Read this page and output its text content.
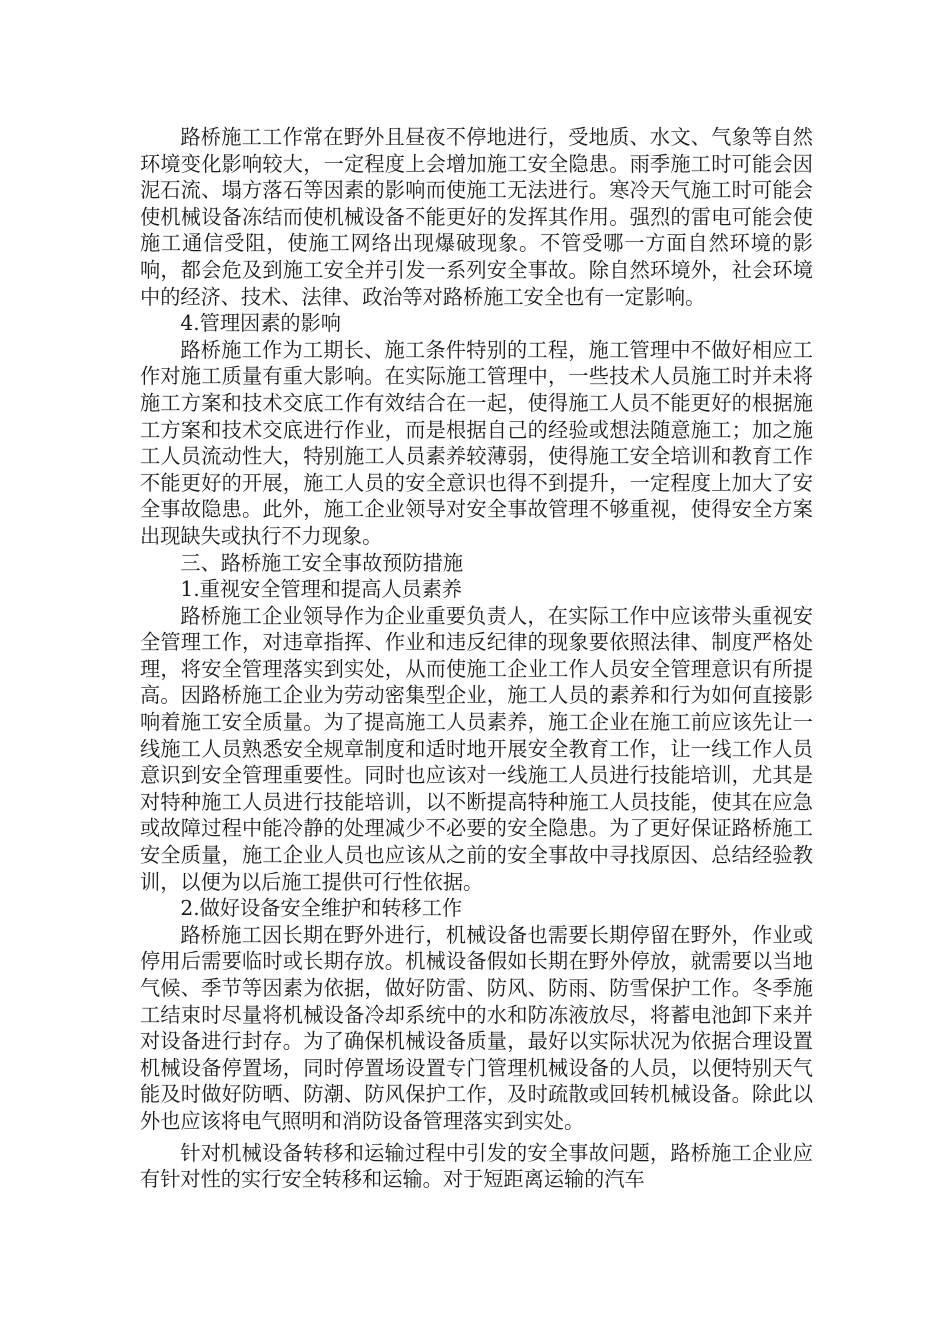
路桥施工工作常在野外且昼夜不停地进行，受地质、水文、气象等自然环境变化影响较大，一定程度上会增加施工安全隐患。雨季施工时可能会因泥石流、塌方落石等因素的影响而使施工无法进行。寒冷天气施工时可能会使机械设备冻结而使机械设备不能更好的发挥其作用。强烈的雷电可能会使施工通信受阻，使施工网络出现爆破现象。不管受哪一方面自然环境的影响，都会危及到施工安全并引发一系列安全事故。除自然环境外，社会环境中的经济、技术、法律、政治等对路桥施工安全也有一定影响。

4.管理因素的影响

路桥施工作为工期长、施工条件特别的工程，施工管理中不做好相应工作对施工质量有重大影响。在实际施工管理中，一些技术人员施工时并未将施工方案和技术交底工作有效结合在一起，使得施工人员不能更好的根据施工方案和技术交底进行作业，而是根据自己的经验或想法随意施工；加之施工人员流动性大，特别施工人员素养较薄弱，使得施工安全培训和教育工作不能更好的开展，施工人员的安全意识也得不到提升，一定程度上加大了安全事故隐患。此外，施工企业领导对安全事故管理不够重视，使得安全方案出现缺失或执行不力现象。

三、路桥施工安全事故预防措施

1.重视安全管理和提高人员素养

路桥施工企业领导作为企业重要负责人，在实际工作中应该带头重视安全管理工作，对违章指挥、作业和违反纪律的现象要依照法律、制度严格处理，将安全管理落实到实处，从而使施工企业工作人员安全管理意识有所提高。因路桥施工企业为劳动密集型企业，施工人员的素养和行为如何直接影响着施工安全质量。为了提高施工人员素养，施工企业在施工前应该先让一线施工人员熟悉安全规章制度和适时地开展安全教育工作，让一线工作人员意识到安全管理重要性。同时也应该对一线施工人员进行技能培训，尤其是对特种施工人员进行技能培训，以不断提高特种施工人员技能，使其在应急或故障过程中能冷静的处理减少不必要的安全隐患。为了更好保证路桥施工安全质量，施工企业人员也应该从之前的安全事故中寻找原因、总结经验教训，以便为以后施工提供可行性依据。

2.做好设备安全维护和转移工作

路桥施工因长期在野外进行，机械设备也需要长期停留在野外，作业或停用后需要临时或长期存放。机械设备假如长期在野外停放，就需要以当地气候、季节等因素为依据，做好防雷、防风、防雨、防雪保护工作。冬季施工结束时尽量将机械设备冷却系统中的水和防冻液放尽，将蓄电池卸下来并对设备进行封存。为了确保机械设备质量，最好以实际状况为依据合理设置机械设备停置场，同时停置场设置专门管理机械设备的人员，以便特别天气能及时做好防晒、防潮、防风保护工作，及时疏散或回转机械设备。除此以外也应该将电气照明和消防设备管理落实到实处。

针对机械设备转移和运输过程中引发的安全事故问题，路桥施工企业应有针对性的实行安全转移和运输。对于短距离运输的汽车
